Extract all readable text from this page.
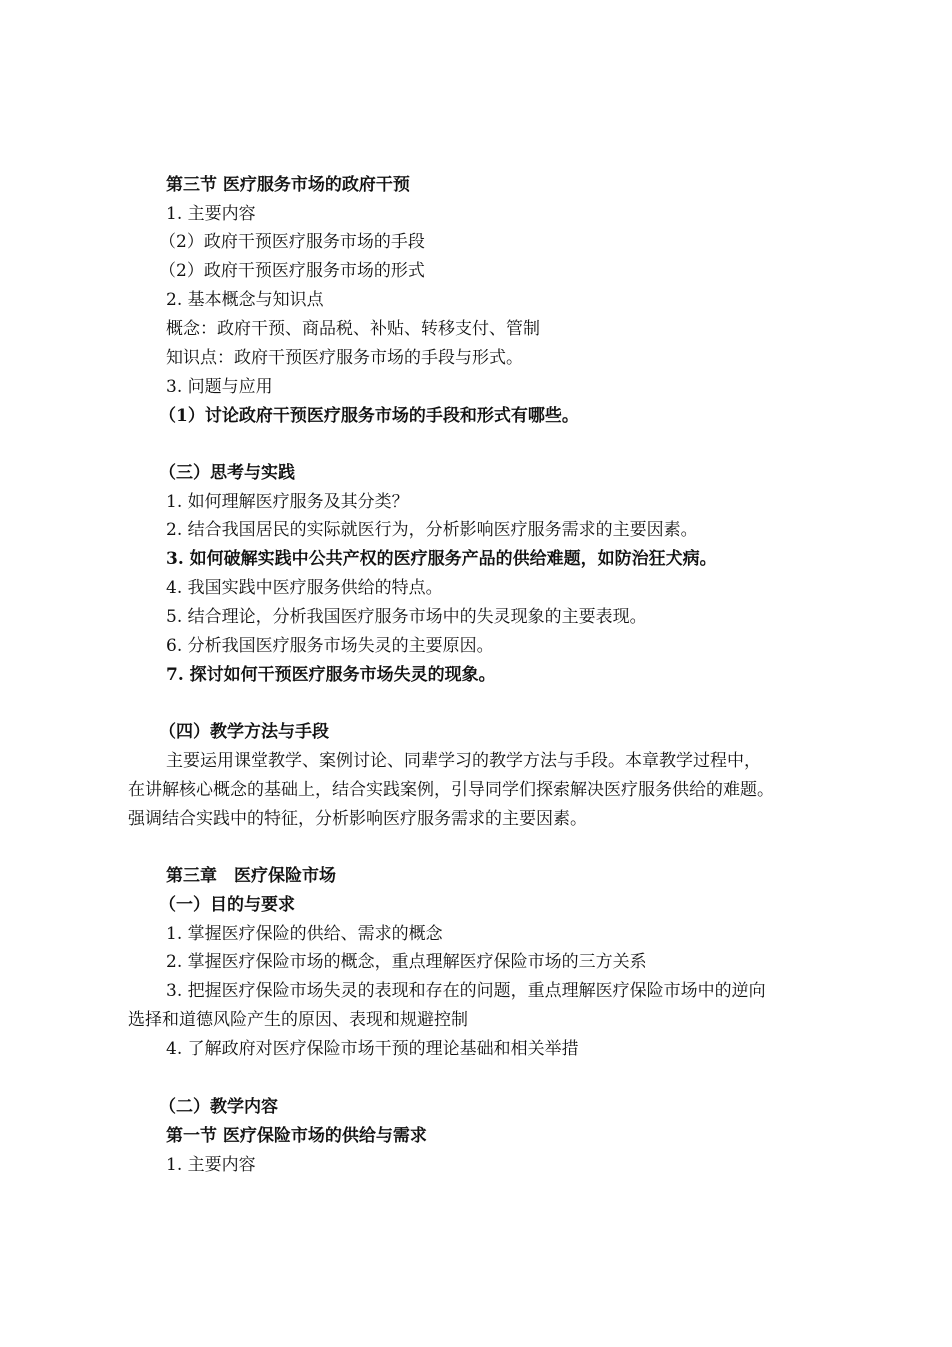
第三节 医疗服务市场的政府干预
1. 主要内容
（2）政府干预医疗服务市场的手段
（2）政府干预医疗服务市场的形式
2. 基本概念与知识点
概念：政府干预、商品税、补贴、转移支付、管制
知识点：政府干预医疗服务市场的手段与形式。
3. 问题与应用
（1）讨论政府干预医疗服务市场的手段和形式有哪些。
（三）思考与实践
1. 如何理解医疗服务及其分类？
2. 结合我国居民的实际就医行为，分析影响医疗服务需求的主要因素。
3. 如何破解实践中公共产权的医疗服务产品的供给难题，如防治狂犬病。
4. 我国实践中医疗服务供给的特点。
5. 结合理论，分析我国医疗服务市场中的失灵现象的主要表现。
6. 分析我国医疗服务市场失灵的主要原因。
7. 探讨如何干预医疗服务市场失灵的现象。
（四）教学方法与手段
主要运用课堂教学、案例讨论、同辈学习的教学方法与手段。本章教学过程中，
在讲解核心概念的基础上，结合实践案例，引导同学们探索解决医疗服务供给的难题。
强调结合实践中的特征，分析影响医疗服务需求的主要因素。
第三章　医疗保险市场
（一）目的与要求
1. 掌握医疗保险的供给、需求的概念
2. 掌握医疗保险市场的概念，重点理解医疗保险市场的三方关系
3. 把握医疗保险市场失灵的表现和存在的问题，重点理解医疗保险市场中的逆向
选择和道德风险产生的原因、表现和规避控制
4. 了解政府对医疗保险市场干预的理论基础和相关举措
（二）教学内容
第一节 医疗保险市场的供给与需求
1. 主要内容
